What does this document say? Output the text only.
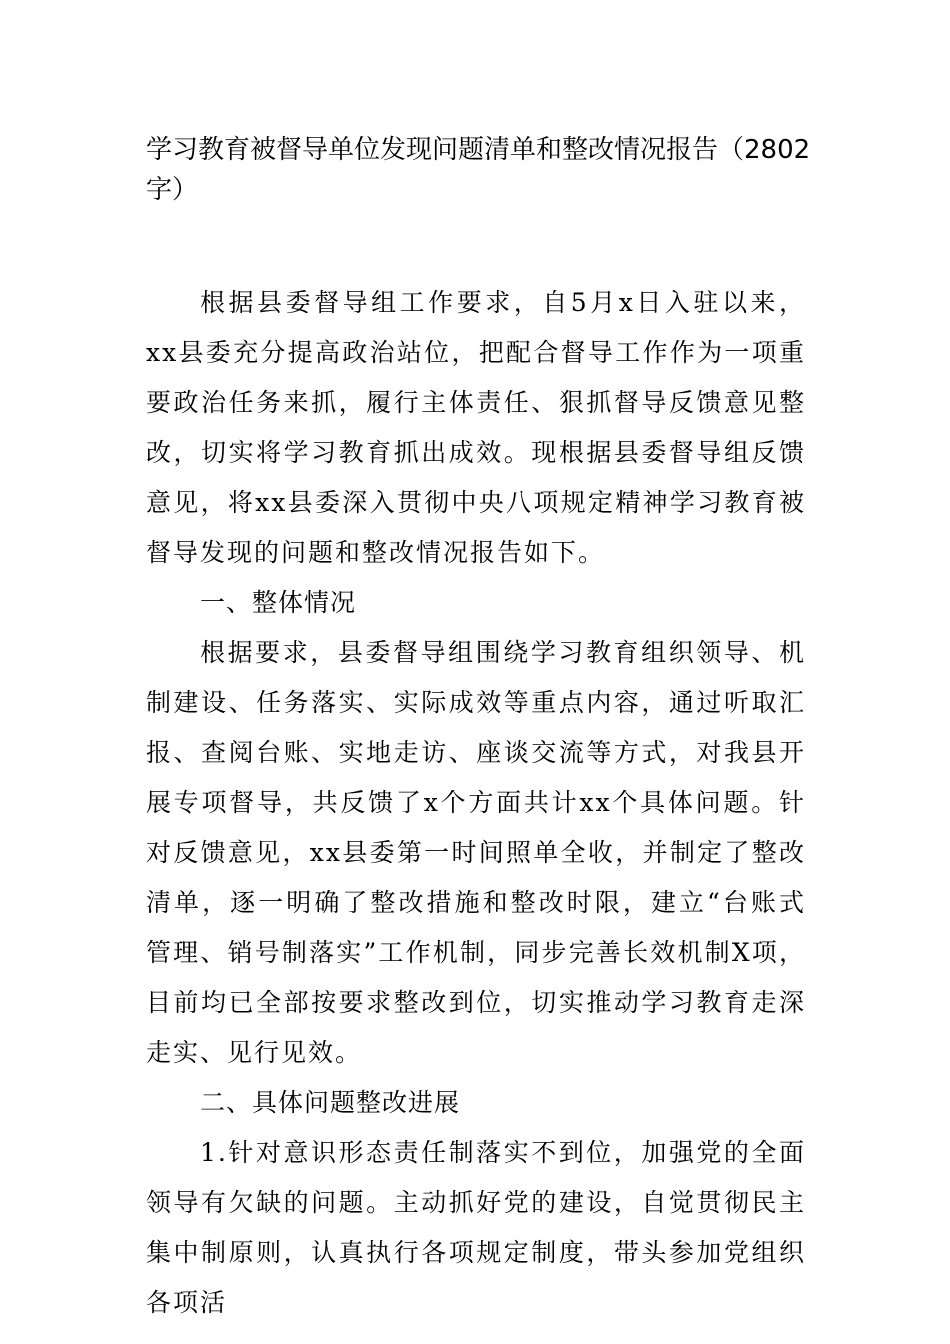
学习教育被督导单位发现问题清单和整改情况报告（2802字）

根据县委督导组工作要求，自5月x日入驻以来，xx县委充分提高政治站位，把配合督导工作作为一项重要政治任务来抓，履行主体责任、狠抓督导反馈意见整改，切实将学习教育抓出成效。现根据县委督导组反馈意见，将xx县委深入贯彻中央八项规定精神学习教育被督导发现的问题和整改情况报告如下。

一、整体情况

根据要求，县委督导组围绕学习教育组织领导、机制建设、任务落实、实际成效等重点内容，通过听取汇报、查阅台账、实地走访、座谈交流等方式，对我县开展专项督导，共反馈了x个方面共计xx个具体问题。针对反馈意见，xx县委第一时间照单全收，并制定了整改清单，逐一明确了整改措施和整改时限，建立“台账式管理、销号制落实”工作机制，同步完善长效机制X项，目前均已全部按要求整改到位，切实推动学习教育走深走实、见行见效。

二、具体问题整改进展

1.针对意识形态责任制落实不到位，加强党的全面领导有欠缺的问题。主动抓好党的建设，自觉贯彻民主集中制原则，认真执行各项规定制度，带头参加党组织各项活
